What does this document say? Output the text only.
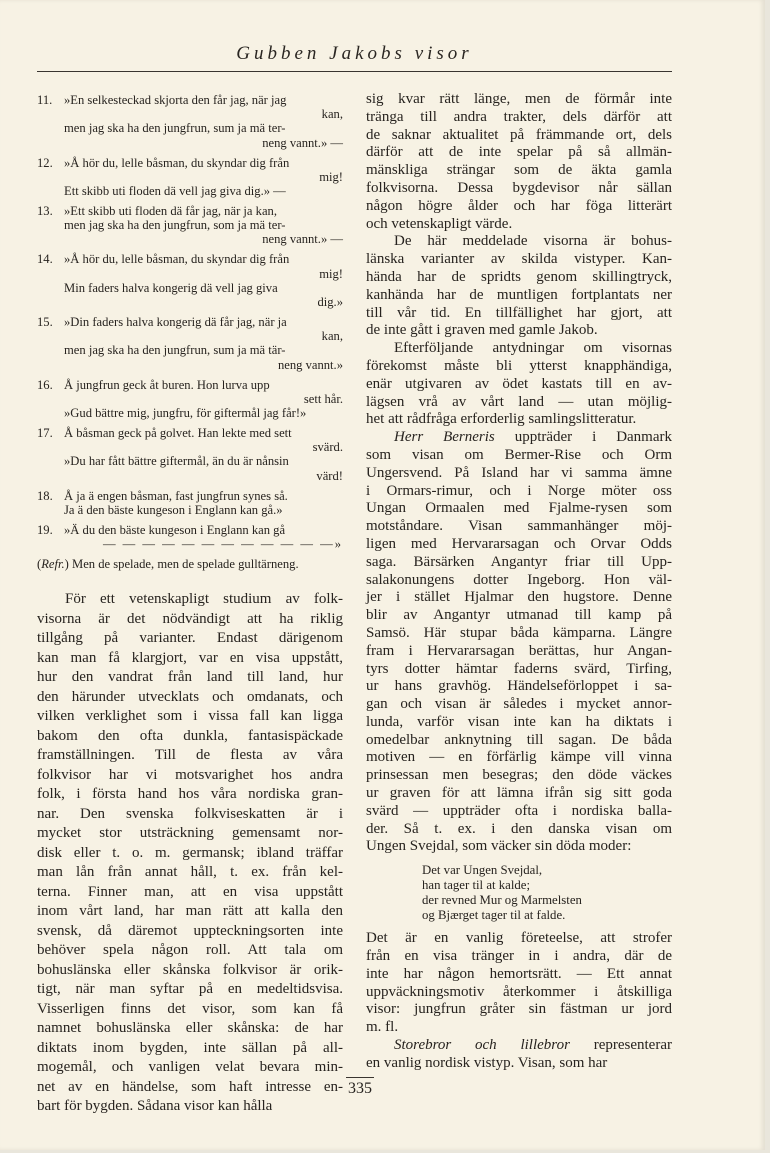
Gubben Jakobs visor
11. »En selkesteckad skjorta den får jag, när jag
kan,
men jag ska ha den jungfrun, sum ja mä ter-
neng vannt.» —
12. »Å hör du, lelle båsman, du skyndar dig från
mig!
Ett skibb uti floden dä vell jag giva dig.» —
13. »Ett skibb uti floden dä får jag, när ja kan,
men jag ska ha den jungfrun, som ja mä ter-
neng vannt.» —
14. »Å hör du, lelle båsman, du skyndar dig från
mig!
Min faders halva kongerig dä vell jag giva
dig.»
15. »Din faders halva kongerig dä får jag, när ja
kan,
men jag ska ha den jungfrun, sum ja mä tär-
neng vannt.»
16. Å jungfrun geck åt buren. Hon lurva upp
sett hår.
»Gud bättre mig, jungfru, för giftermål jag får!»
17. Å båsman geck på golvet. Han lekte med sett
svärd.
»Du har fått bättre giftermål, än du är nånsin
värd!
18. Å ja ä engen båsman, fast jungfrun synes så.
Ja ä den bäste kungeson i Englann kan gå.»
19. »Ä du den bäste kungeson i Englann kan gå
— — — — — — — — — — — —»
(Refr.) Men de spelade, men de spelade gulltärneng.
För ett vetenskapligt studium av folk-
visorna är det nödvändigt att ha riklig
tillgång på varianter. Endast därigenom
kan man få klargjort, var en visa uppstått,
hur den vandrat från land till land, hur
den härunder utvecklats och omdanats, och
vilken verklighet som i vissa fall kan ligga
bakom den ofta dunkla, fantasispäckade
framställningen. Till de flesta av våra
folkvisor har vi motsvarighet hos andra
folk, i första hand hos våra nordiska gran-
nar. Den svenska folkviseskatten är i
mycket stor utsträckning gemensamt nor-
disk eller t. o. m. germansk; ibland träffar
man lån från annat håll, t. ex. från kel-
terna. Finner man, att en visa uppstått
inom vårt land, har man rätt att kalla den
svensk, då däremot uppteckningsorten inte
behöver spela någon roll. Att tala om
bohuslänska eller skånska folkvisor är orik-
tigt, när man syftar på en medeltidsvisa.
Visserligen finns det visor, som kan få
namnet bohuslänska eller skånska: de har
diktats inom bygden, inte sällan på all-
mogemål, och vanligen velat bevara min-
net av en händelse, som haft intresse en-
bart för bygden. Sådana visor kan hålla
sig kvar rätt länge, men de förmår inte
tränga till andra trakter, dels därför att
de saknar aktualitet på främmande ort, dels
därför att de inte spelar på så allmän-
mänskliga strängar som de äkta gamla
folkvisorna. Dessa bygdevisor når sällan
någon högre ålder och har föga litterärt
och vetenskapligt värde.
De här meddelade visorna är bohus-
länska varianter av skilda vistyper. Kan-
hända har de spridts genom skillingtryck,
kanhända har de muntligen fortplantats ner
till vår tid. En tillfällighet har gjort, att
de inte gått i graven med gamle Jakob.
Efterföljande antydningar om visornas
förekomst måste bli ytterst knapphändiga,
enär utgivaren av ödet kastats till en av-
lägsen vrå av vårt land — utan möjlig-
het att rådfråga erforderlig samlingslitteratur.
Herr Berneris uppträder i Danmark
som visan om Bermer-Rise och Orm
Ungersvend. På Island har vi samma ämne
i Ormars-rimur, och i Norge möter oss
Ungan Ormaalen med Fjalme-rysen som
motståndare. Visan sammanhänger möj-
ligen med Hervararsagan och Orvar Odds
saga. Bärsärken Angantyr friar till Upp-
salakonungens dotter Ingeborg. Hon väl-
jer i stället Hjalmar den hugstore. Denne
blir av Angantyr utmanad till kamp på
Samsö. Här stupar båda kämparna. Längre
fram i Hervararsagan berättas, hur Angan-
tyrs dotter hämtar faderns svärd, Tirfing,
ur hans gravhög. Händelseförloppet i sa-
gan och visan är således i mycket annor-
lunda, varför visan inte kan ha diktats i
omedelbar anknytning till sagan. De båda
motiven — en förfärlig kämpe vill vinna
prinsessan men besegras; den döde väckes
ur graven för att lämna ifrån sig sitt goda
svärd — uppträder ofta i nordiska balla-
der. Så t. ex. i den danska visan om
Ungen Svejdal, som väcker sin döda moder:
Det var Ungen Svejdal,
han tager til at kalde;
der revned Mur og Marmelsten
og Bjærget tager til at falde.
Det är en vanlig företeelse, att strofer
från en visa tränger in i andra, där de
inte har någon hemortsrätt. — Ett annat
uppväckningsmotiv återkommer i åtskilliga
visor: jungfrun gråter sin fästman ur jord
m. fl.
Storebror och lillebror representerar
en vanlig nordisk vistyp. Visan, som har
335
